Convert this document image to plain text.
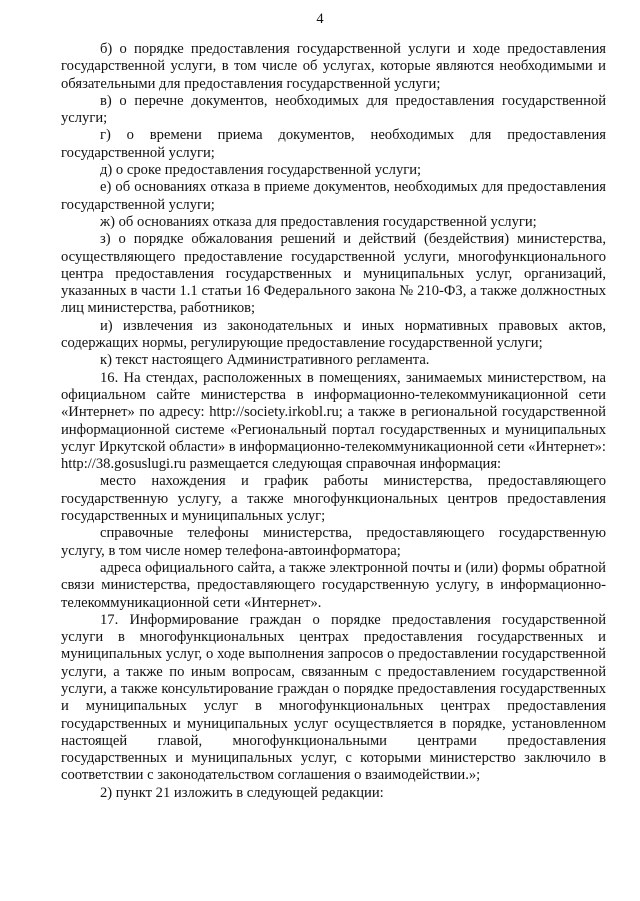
4

б) о порядке предоставления государственной услуги и ходе предоставления государственной услуги, в том числе об услугах, которые являются необходимыми и обязательными для предоставления государственной услуги;

в) о перечне документов, необходимых для предоставления государственной услуги;

г) о времени приема документов, необходимых для предоставления государственной услуги;

д) о сроке предоставления государственной услуги;

е) об основаниях отказа в приеме документов, необходимых для предоставления государственной услуги;

ж) об основаниях отказа для предоставления государственной услуги;

з) о порядке обжалования решений и действий (бездействия) министерства, осуществляющего предоставление государственной услуги, многофункционального центра предоставления государственных и муниципальных услуг, организаций, указанных в части 1.1 статьи 16 Федерального закона № 210-ФЗ, а также должностных лиц министерства, работников;

и) извлечения из законодательных и иных нормативных правовых актов, содержащих нормы, регулирующие предоставление государственной услуги;

к) текст настоящего Административного регламента.

16. На стендах, расположенных в помещениях, занимаемых министерством, на официальном сайте министерства в информационно-телекоммуникационной сети «Интернет» по адресу: http://society.irkobl.ru; а также в региональной государственной информационной системе «Региональный портал государственных и муниципальных услуг Иркутской области» в информационно-телекоммуникационной сети «Интернет»: http://38.gosuslugi.ru размещается следующая справочная информация:

место нахождения и график работы министерства, предоставляющего государственную услугу, а также многофункциональных центров предоставления государственных и муниципальных услуг;

справочные телефоны министерства, предоставляющего государственную услугу, в том числе номер телефона-автоинформатора;

адреса официального сайта, а также электронной почты и (или) формы обратной связи министерства, предоставляющего государственную услугу, в информационно-телекоммуникационной сети «Интернет».

17. Информирование граждан о порядке предоставления государственной услуги в многофункциональных центрах предоставления государственных и муниципальных услуг, о ходе выполнения запросов о предоставлении государственной услуги, а также по иным вопросам, связанным с предоставлением государственной услуги, а также консультирование граждан о порядке предоставления государственных и муниципальных услуг в многофункциональных центрах предоставления государственных и муниципальных услуг осуществляется в порядке, установленном настоящей главой, многофункциональными центрами предоставления государственных и муниципальных услуг, с которыми министерство заключило в соответствии с законодательством соглашения о взаимодействии.»;

2) пункт 21 изложить в следующей редакции:
